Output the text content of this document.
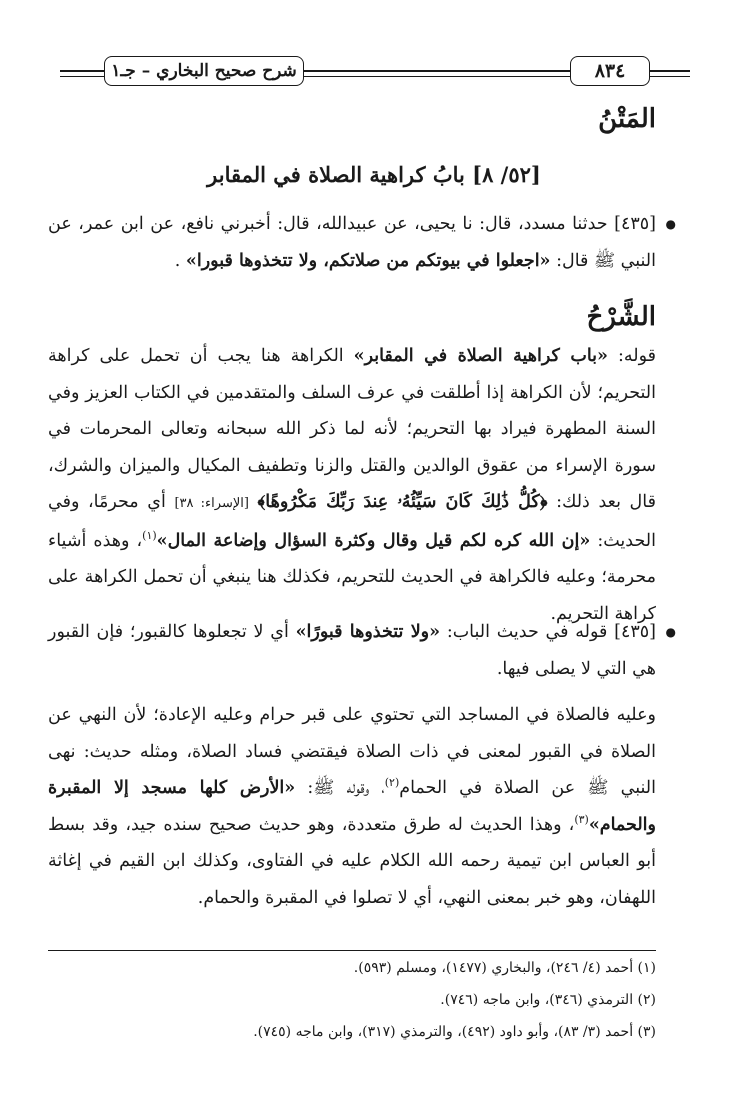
٨٣٤
شرح صحيح البخاري – جـ١
المَتْنُ
[٥٢/ ٨] بابُ كراهية الصلاة في المقابر
● [٤٣٥] حدثنا مسدد، قال: نا يحيى، عن عبيدالله، قال: أخبرني نافع، عن ابن عمر، عن النبي ﷺ قال: «اجعلوا في بيوتكم من صلاتكم، ولا تتخذوها قبورا» .
الشَّرْحُ
قوله: «باب كراهية الصلاة في المقابر» الكراهة هنا يجب أن تحمل على كراهة التحريم؛ لأن الكراهة إذا أطلقت في عرف السلف والمتقدمين في الكتاب العزيز وفي السنة المطهرة فيراد بها التحريم؛ لأنه لما ذكر الله سبحانه وتعالى المحرمات في سورة الإسراء من عقوق الوالدين والقتل والزنا وتطفيف المكيال والميزان والشرك، قال بعد ذلك: ﴿كُلُّ ذَٰلِكَ كَانَ سَيِّئُهُۥ عِندَ رَبِّكَ مَكْرُوهًا﴾ [الإسراء: ٣٨] أي محرمًا، وفي الحديث: «إن الله كره لكم قيل وقال وكثرة السؤال وإضاعة المال»$^{(١)}$، وهذه أشياء محرمة؛ وعليه فالكراهة في الحديث للتحريم، فكذلك هنا ينبغي أن تحمل الكراهة على كراهة التحريم.
● [٤٣٥] قوله في حديث الباب: «ولا تتخذوها قبورًا» أي لا تجعلوها كالقبور؛ فإن القبور هي التي لا يصلى فيها.
وعليه فالصلاة في المساجد التي تحتوي على قبر حرام وعليه الإعادة؛ لأن النهي عن الصلاة في القبور لمعنى في ذات الصلاة فيقتضي فساد الصلاة، ومثله حديث: نهى النبي ﷺ عن الصلاة في الحمام$^{(٢)}$، وقوله ﷺ: «الأرض كلها مسجد إلا المقبرة والحمام»$^{(٣)}$، وهذا الحديث له طرق متعددة، وهو حديث صحيح سنده جيد، وقد بسط أبو العباس ابن تيمية رحمه الله الكلام عليه في الفتاوى، وكذلك ابن القيم في إغاثة اللهفان، وهو خبر بمعنى النهي، أي لا تصلوا في المقبرة والحمام.
(١) أحمد (٤/ ٢٤٦)، والبخاري (١٤٧٧)، ومسلم (٥٩٣).
(٢) الترمذي (٣٤٦)، وابن ماجه (٧٤٦).
(٣) أحمد (٣/ ٨٣)، وأبو داود (٤٩٢)، والترمذي (٣١٧)، وابن ماجه (٧٤٥).
